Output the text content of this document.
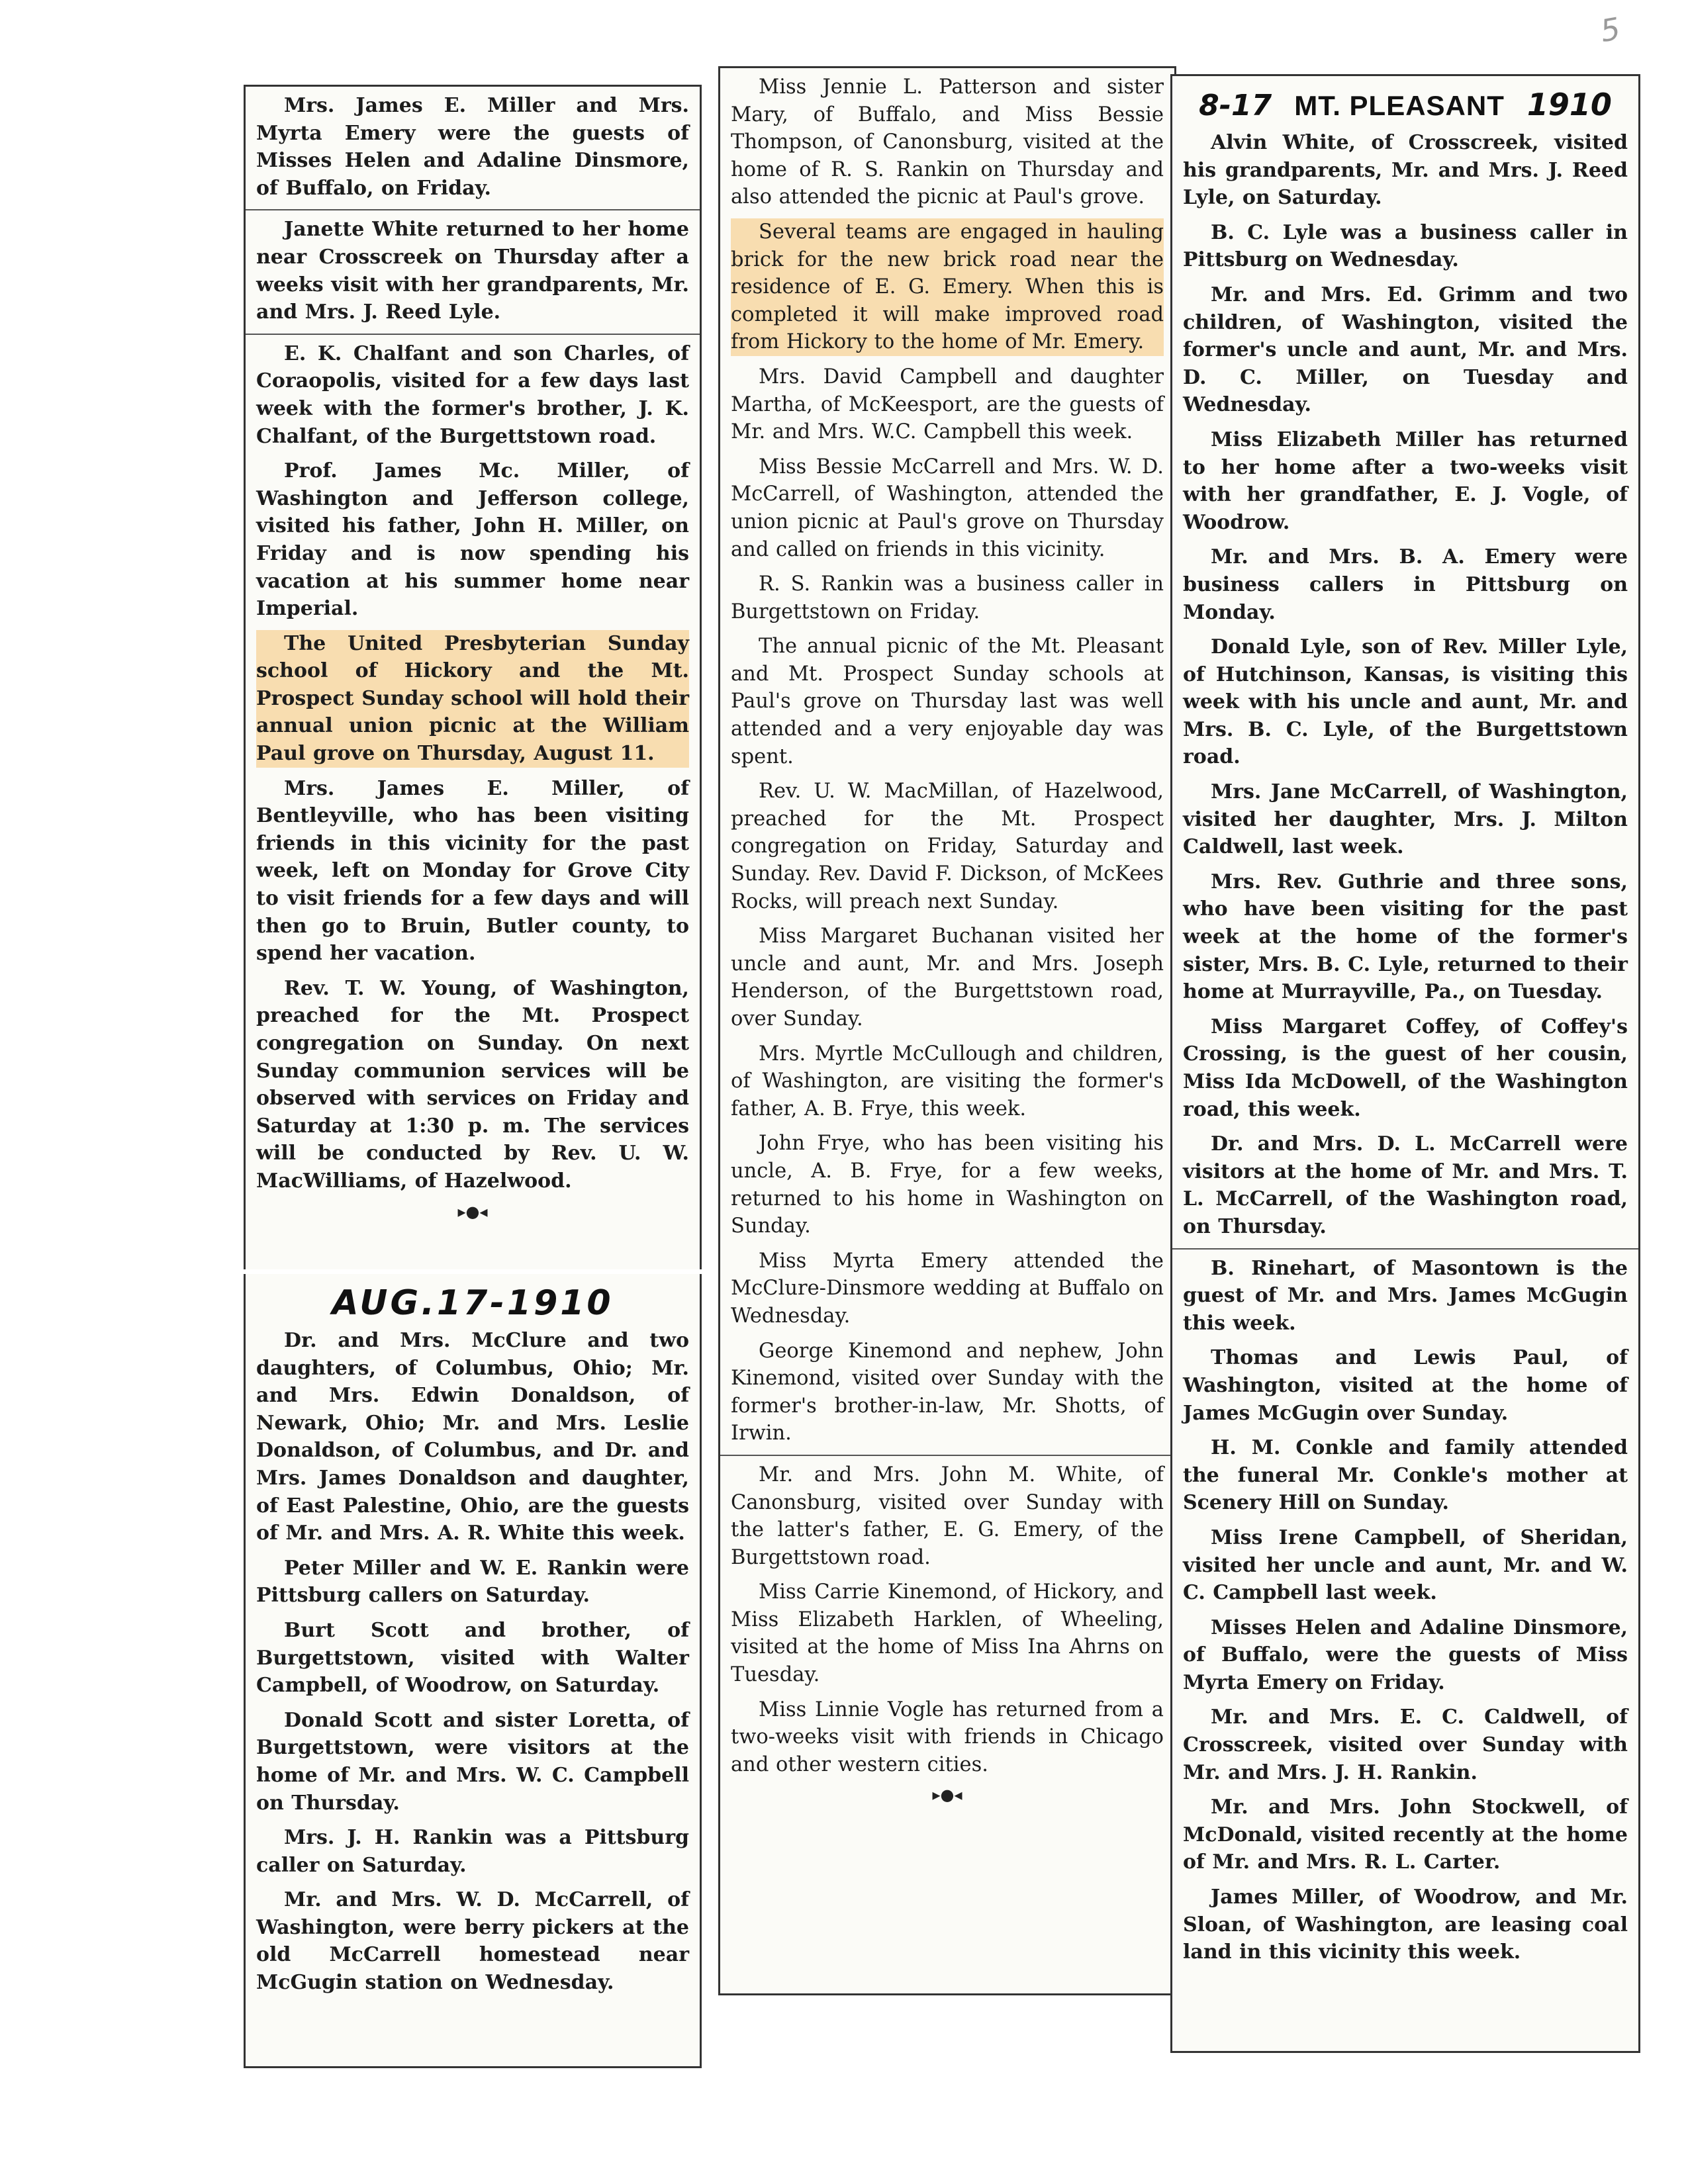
5

Mrs. James E. Miller and Mrs. Myrta Emery were the guests of Misses Helen and Adaline Dinsmore, of Buffalo, on Friday.

Janette White returned to her home near Crosscreek on Thursday after a weeks visit with her grandparents, Mr. and Mrs. J. Reed Lyle.

E. K. Chalfant and son Charles, of Coraopolis, visited for a few days last week with the former's brother, J. K. Chalfant, of the Burgettstown road.

Prof. James Mc. Miller, of Washington and Jefferson college, visited his father, John H. Miller, on Friday and is now spending his vacation at his summer home near Imperial.

The United Presbyterian Sunday school of Hickory and the Mt. Prospect Sunday school will hold their annual union picnic at the William Paul grove on Thursday, August 11.

Mrs. James E. Miller, of Bentleyville, who has been visiting friends in this vicinity for the past week, left on Monday for Grove City to visit friends for a few days and will then go to Bruin, Butler county, to spend her vacation.

Rev. T. W. Young, of Washington, preached for the Mt. Prospect congregation on Sunday. On next Sunday communion services will be observed with services on Friday and Saturday at 1:30 p. m. The services will be conducted by Rev. U. W. MacWilliams, of Hazelwood.

▸●◂
AUG.17-1910

Dr. and Mrs. McClure and two daughters, of Columbus, Ohio; Mr. and Mrs. Edwin Donaldson, of Newark, Ohio; Mr. and Mrs. Leslie Donaldson, of Columbus, and Dr. and Mrs. James Donaldson and daughter, of East Palestine, Ohio, are the guests of Mr. and Mrs. A. R. White this week.

Peter Miller and W. E. Rankin were Pittsburg callers on Saturday.

Burt Scott and brother, of Burgettstown, visited with Walter Campbell, of Woodrow, on Saturday.

Donald Scott and sister Loretta, of Burgettstown, were visitors at the home of Mr. and Mrs. W. C. Campbell on Thursday.

Mrs. J. H. Rankin was a Pittsburg caller on Saturday.

Mr. and Mrs. W. D. McCarrell, of Washington, were berry pickers at the old McCarrell homestead near McGugin station on Wednesday.

Miss Jennie L. Patterson and sister Mary, of Buffalo, and Miss Bessie Thompson, of Canonsburg, visited at the home of R. S. Rankin on Thursday and also attended the picnic at Paul's grove.

Several teams are engaged in hauling brick for the new brick road near the residence of E. G. Emery. When this is completed it will make improved road from Hickory to the home of Mr. Emery.

Mrs. David Campbell and daughter Martha, of McKeesport, are the guests of Mr. and Mrs. W.C. Campbell this week.

Miss Bessie McCarrell and Mrs. W. D. McCarrell, of Washington, attended the union picnic at Paul's grove on Thursday and called on friends in this vicinity.

R. S. Rankin was a business caller in Burgettstown on Friday.

The annual picnic of the Mt. Pleasant and Mt. Prospect Sunday schools at Paul's grove on Thursday last was well attended and a very enjoyable day was spent.

Rev. U. W. MacMillan, of Hazelwood, preached for the Mt. Prospect congregation on Friday, Saturday and Sunday. Rev. David F. Dickson, of McKees Rocks, will preach next Sunday.

Miss Margaret Buchanan visited her uncle and aunt, Mr. and Mrs. Joseph Henderson, of the Burgettstown road, over Sunday.

Mrs. Myrtle McCullough and children, of Washington, are visiting the former's father, A. B. Frye, this week.

John Frye, who has been visiting his uncle, A. B. Frye, for a few weeks, returned to his home in Washington on Sunday.

Miss Myrta Emery attended the McClure-Dinsmore wedding at Buffalo on Wednesday.

George Kinemond and nephew, John Kinemond, visited over Sunday with the former's brother-in-law, Mr. Shotts, of Irwin.

Mr. and Mrs. John M. White, of Canonsburg, visited over Sunday with the latter's father, E. G. Emery, of the Burgettstown road.

Miss Carrie Kinemond, of Hickory, and Miss Elizabeth Harklen, of Wheeling, visited at the home of Miss Ina Ahrns on Tuesday.

Miss Linnie Vogle has returned from a two-weeks visit with friends in Chicago and other western cities.

▸●◂
8-17 MT. PLEASANT 1910

Alvin White, of Crosscreek, visited his grandparents, Mr. and Mrs. J. Reed Lyle, on Saturday.

B. C. Lyle was a business caller in Pittsburg on Wednesday.

Mr. and Mrs. Ed. Grimm and two children, of Washington, visited the former's uncle and aunt, Mr. and Mrs. D. C. Miller, on Tuesday and Wednesday.

Miss Elizabeth Miller has returned to her home after a two-weeks visit with her grandfather, E. J. Vogle, of Woodrow.

Mr. and Mrs. B. A. Emery were business callers in Pittsburg on Monday.

Donald Lyle, son of Rev. Miller Lyle, of Hutchinson, Kansas, is visiting this week with his uncle and aunt, Mr. and Mrs. B. C. Lyle, of the Burgettstown road.

Mrs. Jane McCarrell, of Washington, visited her daughter, Mrs. J. Milton Caldwell, last week.

Mrs. Rev. Guthrie and three sons, who have been visiting for the past week at the home of the former's sister, Mrs. B. C. Lyle, returned to their home at Murrayville, Pa., on Tuesday.

Miss Margaret Coffey, of Coffey's Crossing, is the guest of her cousin, Miss Ida McDowell, of the Washington road, this week.

Dr. and Mrs. D. L. McCarrell were visitors at the home of Mr. and Mrs. T. L. McCarrell, of the Washington road, on Thursday.

B. Rinehart, of Masontown is the guest of Mr. and Mrs. James McGugin this week.

Thomas and Lewis Paul, of Washington, visited at the home of James McGugin over Sunday.

H. M. Conkle and family attended the funeral Mr. Conkle's mother at Scenery Hill on Sunday.

Miss Irene Campbell, of Sheridan, visited her uncle and aunt, Mr. and W. C. Campbell last week.

Misses Helen and Adaline Dinsmore, of Buffalo, were the guests of Miss Myrta Emery on Friday.

Mr. and Mrs. E. C. Caldwell, of Crosscreek, visited over Sunday with Mr. and Mrs. J. H. Rankin.

Mr. and Mrs. John Stockwell, of McDonald, visited recently at the home of Mr. and Mrs. R. L. Carter.

James Miller, of Woodrow, and Mr. Sloan, of Washington, are leasing coal land in this vicinity this week.
